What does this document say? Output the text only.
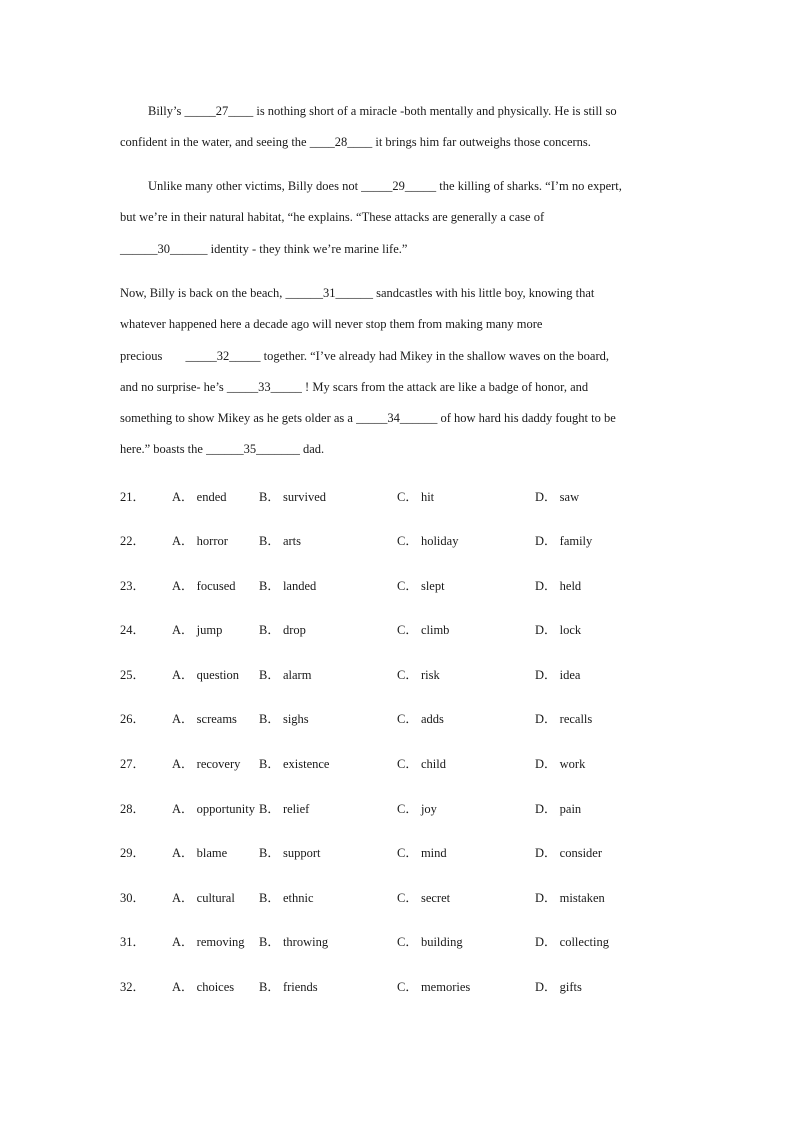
Billy’s _____27____ is nothing short of a miracle -both mentally and physically. He is still so
confident in the water, and seeing the ____28____ it brings him far outweighs those concerns.
Unlike many other victims, Billy does not _____29_____ the killing of sharks. “I’m no expert,
but we’re in their natural habitat, “he explains. “These attacks are generally a case of
______30______ identity - they think we’re marine life.”
Now, Billy is back on the beach, ______31______ sandcastles with his little boy, knowing that
whatever happened here a decade ago will never stop them from making many more
precious _____32_____ together. “I’ve already had Mikey in the shallow waves on the board,
and no surprise- he’s _____33_____ ! My scars from the attack are like a badge of honor, and
something to show Mikey as he gets older as a _____34______ of how hard his daddy fought to be
here.” boasts the ______35_______ dad.
21． A． ended	B． survived	C． hit	D． saw
22． A． horror B． arts	C． holiday	D． family
23． A． focused B． landed	C． slept	D． held
24． A． jump	B． drop	C． climb	D． lock
25． A． question B． alarm	C． risk	D． idea
26． A． screams B． sighs	C． adds	D． recalls
27． A． recovery B． existence	C． child	D． work
28． A． opportunity B． relief	C． joy	D． pain
29． A． blame	B． support	C． mind	D． consider
30． A． cultural B． ethnic	C． secret	D． mistaken
31． A． removing B． throwing	C． building	D． collecting
32． A． choices B． friends	C． memories	D． gifts
